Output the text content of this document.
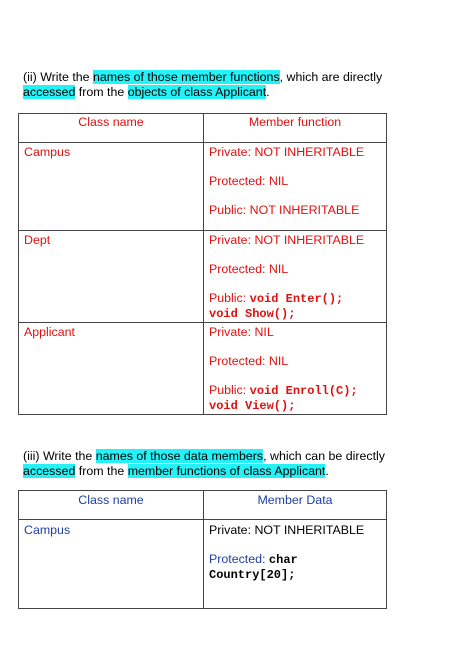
(ii) Write the names of those member functions, which are directly accessed from the objects of class Applicant.
Class name	Member function
Campus	Private: NOT INHERITABLE
Protected: NIL
Public: NOT INHERITABLE

Dept	Private: NOT INHERITABLE
Protected: NIL
Public: void Enter();
void Show();

Applicant	Private: NIL
Protected: NIL
Public: void Enroll(C);
void View();
(iii) Write the names of those data members, which can be directly accessed from the member functions of class Applicant.
Class name	Member Data
Campus	Private: NOT INHERITABLE
Protected: char
Country[20];
